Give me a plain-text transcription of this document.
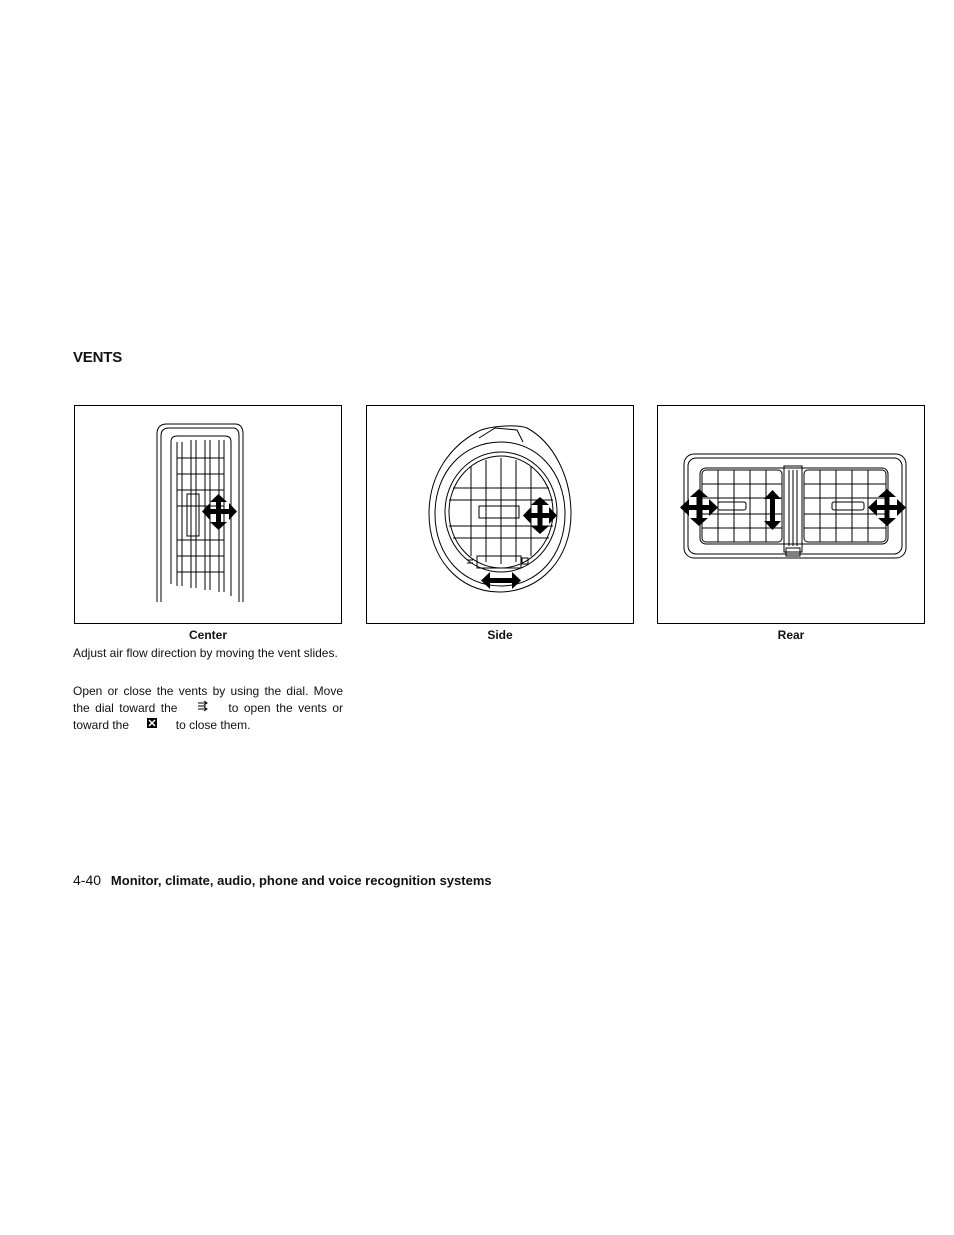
VENTS
Center	Side	Rear

Adjust air flow direction by moving the vent slides.

Open or close the vents by using the dial. Move the dial toward the	to open the vents or toward the	to close them.

4-40 Monitor, climate, audio, phone and voice recognition systems
